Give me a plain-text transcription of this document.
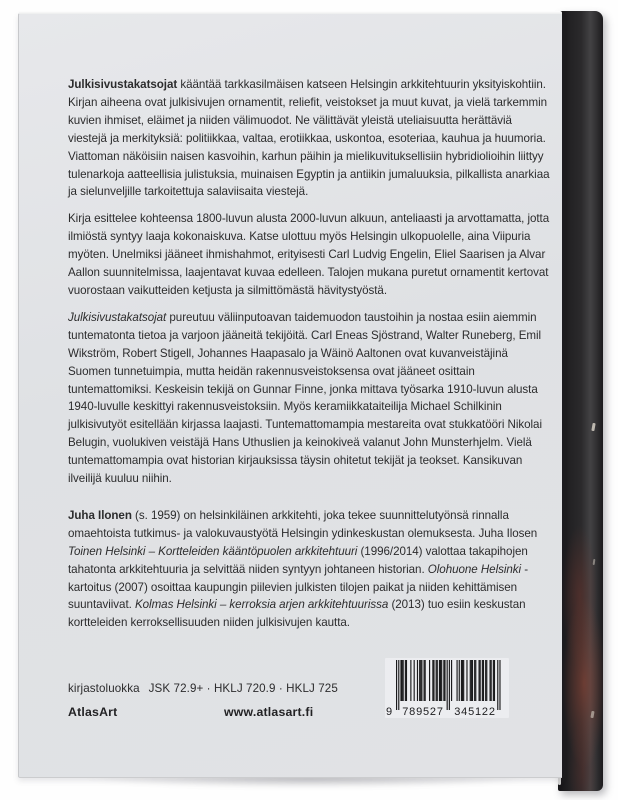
Julkisivustakatsojat kääntää tarkkasilmäisen katseen Helsingin arkkitehtuurin yksityiskohtiin. Kirjan aiheena ovat julkisivujen ornamentit, reliefit, veistokset ja muut kuvat, ja vielä tarkemmin kuvien ihmiset, eläimet ja niiden välimuodot. Ne välittävät yleistä uteliaisuutta herättäviä viestejä ja merkityksiä: politiikkaa, valtaa, erotiikkaa, uskontoa, esoteriaa, kauhua ja huumoria. Viattoman näköisiin naisen kasvoihin, karhun päihin ja mielikuvituksellisiin hybridiolioihin liittyy tulenarkoja aatteellisia julistuksia, muinaisen Egyptin ja antiikin jumaluuksia, pilkallista anarkiaa ja sielunveljille tarkoitettuja salaviisaita viestejä.

Kirja esittelee kohteensa 1800-luvun alusta 2000-luvun alkuun, anteliaasti ja arvottamatta, jotta ilmiöstä syntyy laaja kokonaiskuva. Katse ulottuu myös Helsingin ulkopuolelle, aina Viipuria myöten. Unelmiksi jääneet ihmishahmot, erityisesti Carl Ludvig Engelin, Eliel Saarisen ja Alvar Aallon suunnitelmissa, laajentavat kuvaa edelleen. Talojen mukana puretut ornamentit kertovat vuorostaan vaikutteiden ketjusta ja silmittömästä hävitystyöstä.

Julkisivustakatsojat pureutuu väliinputoavan taidemuodon taustoihin ja nostaa esiin aiemmin tuntematonta tietoa ja varjoon jääneitä tekijöitä. Carl Eneas Sjöstrand, Walter Runeberg, Emil Wikström, Robert Stigell, Johannes Haapasalo ja Wäinö Aaltonen ovat kuvanveistäjinä Suomen tunnetuimpia, mutta heidän rakennusveistoksensa ovat jääneet osittain tuntemattomiksi. Keskeisin tekijä on Gunnar Finne, jonka mittava työsarka 1910-luvun alusta 1940-luvulle keskittyi rakennusveistoksiin. Myös keramiikkataiteilija Michael Schilkinin julkisivutyöt esitellään kirjassa laajasti. Tuntemattomampia mestareita ovat stukkatööri Nikolai Belugin, vuolukiven veistäjä Hans Uthuslien ja keinokiveä valanut John Munsterhjelm. Vielä tuntemattomampia ovat historian kirjauksissa täysin ohitetut tekijät ja teokset. Kansikuvan ilveilijä kuuluu niihin.

Juha Ilonen (s. 1959) on helsinkiläinen arkkitehti, joka tekee suunnittelutyönsä rinnalla omaehtoista tutkimus- ja valokuvaustyötä Helsingin ydinkeskustan olemuksesta. Juha Ilosen Toinen Helsinki – Kortteleiden kääntöpuolen arkkitehtuuri (1996/2014) valottaa takapihojen tahatonta arkkitehtuuria ja selvittää niiden syntyyn johtaneen historian. Olohuone Helsinki -kartoitus (2007) osoittaa kaupungin piilevien julkisten tilojen paikat ja niiden kehittämisen suuntaviivat. Kolmas Helsinki – kerroksia arjen arkkitehtuurissa (2013) tuo esiin keskustan kortteleiden kerroksellisuuden niiden julkisivujen kautta.

kirjastoluokka JSK 72.9+ · HKLJ 720.9 · HKLJ 725
AtlasArt	www.atlasart.fi	9 789527 345122
